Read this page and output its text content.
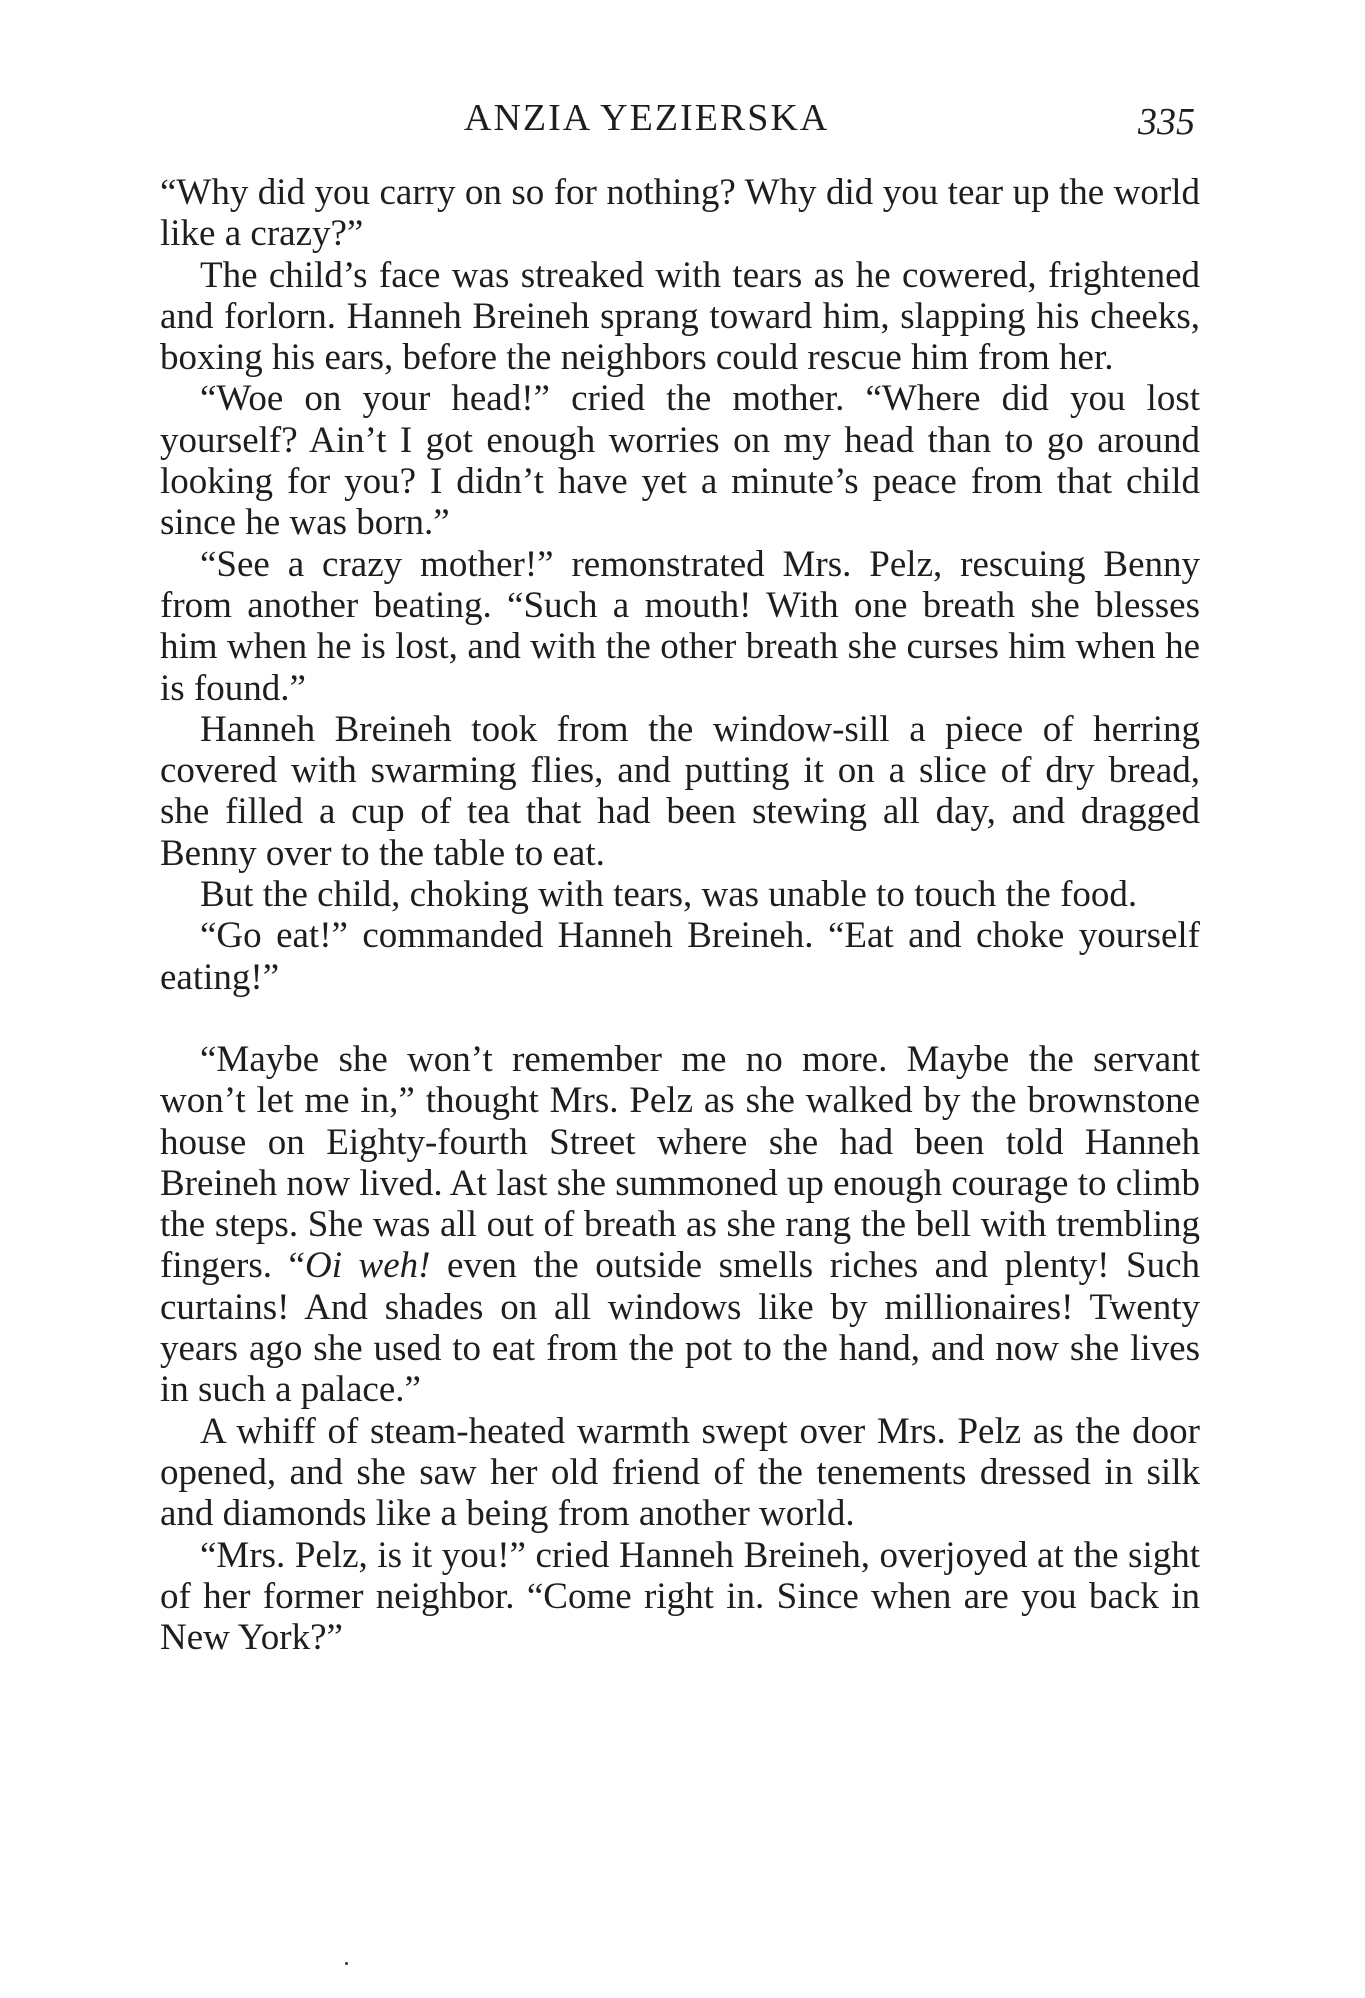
ANZIA YEZIERSKA	335

“Why did you carry on so for nothing? Why did you tear up the world like a crazy?”

The child’s face was streaked with tears as he cowered, frightened and forlorn. Hanneh Breineh sprang toward him, slapping his cheeks, boxing his ears, before the neighbors could rescue him from her.

“Woe on your head!” cried the mother. “Where did you lost yourself? Ain’t I got enough worries on my head than to go around looking for you? I didn’t have yet a minute’s peace from that child since he was born.”

“See a crazy mother!” remonstrated Mrs. Pelz, rescuing Benny from another beating. “Such a mouth! With one breath she blesses him when he is lost, and with the other breath she curses him when he is found.”

Hanneh Breineh took from the window-sill a piece of herring covered with swarming flies, and putting it on a slice of dry bread, she filled a cup of tea that had been stewing all day, and dragged Benny over to the table to eat.

But the child, choking with tears, was unable to touch the food.

“Go eat!” commanded Hanneh Breineh. “Eat and choke yourself eating!”

“Maybe she won’t remember me no more. Maybe the servant won’t let me in,” thought Mrs. Pelz as she walked by the brownstone house on Eighty-fourth Street where she had been told Hanneh Breineh now lived. At last she summoned up enough courage to climb the steps. She was all out of breath as she rang the bell with trembling fingers. “Oi weh! even the outside smells riches and plenty! Such curtains! And shades on all windows like by millionaires! Twenty years ago she used to eat from the pot to the hand, and now she lives in such a palace.”

A whiff of steam-heated warmth swept over Mrs. Pelz as the door opened, and she saw her old friend of the tenements dressed in silk and diamonds like a being from another world.

“Mrs. Pelz, is it you!” cried Hanneh Breineh, overjoyed at the sight of her former neighbor. “Come right in. Since when are you back in New York?”
